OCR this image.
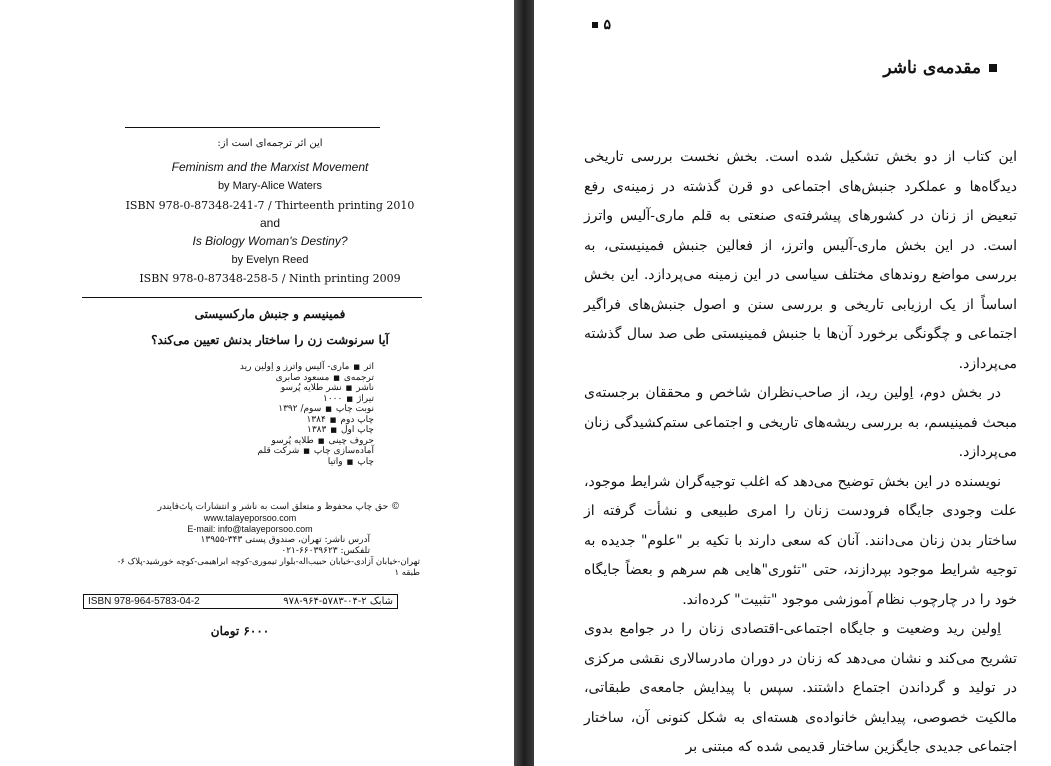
این اثر ترجمه‌ای است از:
Feminism and the Marxist Movement
by Mary-Alice Waters
ISBN 978-0-87348-241-7 / Thirteenth printing 2010
and
Is Biology Woman's Destiny?
by Evelyn Reed
ISBN 978-0-87348-258-5 / Ninth printing 2009
فمینیسم و جنبش مارکسیستی
آیا سرنوشت زن را ساختار بدنش تعیین می‌کند؟
اثر
■
ماری- آلیس واترز و اِولین رید
ترجمه‌ی
■
مسعود صابری
ناشر
■
نشر طلایه پُرسو
تیراژ
■
۱۰۰۰
نوبت چاپ
■
سوم/ ۱۳۹۲
چاپ دوم
■
۱۳۸۴
چاپ اول
■
۱۳۸۳
حروف چینی
■
طلایه پُرسو
آماده‌سازی چاپ
■
شرکت قلم
چاپ
■
واتیا
© حق چاپ محفوظ و متعلق است به ناشر و انتشارات پاث‌فایندر
www.talayeporsoo.com
E-mail: info@talayeporsoo.com
آدرس ناشر: تهران، صندوق پستی ۳۴۳-۱۳۹۵۵
تلفکس: ۶۶۰۳۹۶۲۳-۰۲۱
تهران-خیابان آزادی-خیابان حبیب‌اله-بلوار تیموری-کوچه ابراهیمی-کوچه خورشید-پلاک ۶-طبقه ۱
ISBN 978-964-5783-04-2	شابک ۲-۰۴-۵۷۸۳-۹۶۴-۹۷۸
۶۰۰۰ تومان
۵
مقدمه‌ی ناشر

این کتاب از دو بخش تشکیل شده است. بخش نخست بررسی تاریخی دیدگاه‌ها و عملکرد جنبش‌های اجتماعی دو قرن گذشته در زمینه‌ی رفع تبعیض از زنان در کشورهای پیشرفته‌ی صنعتی به قلم ماری-آلیس واترز است. در این بخش ماری-آلیس واترز، از فعالین جنبش فمینیستی، به بررسی مواضع روندهای مختلف سیاسی در این زمینه می‌پردازد. این بخش اساساً از یک ارزیابی تاریخی و بررسی سنن و اصول جنبش‌های فراگیر اجتماعی و چگونگی برخورد آن‌ها با جنبش فمینیستی طی صد سال گذشته می‌پردازد.

در بخش دوم، اِولین رید، از صاحب‌نظران شاخص و محققان برجسته‌ی مبحث فمینیسم، به بررسی ریشه‌های تاریخی و اجتماعی ستم‌کشیدگی زنان می‌پردازد.

نویسنده در این بخش توضیح می‌دهد که اغلب توجیه‌گران شرایط موجود، علت وجودی جایگاه فرودست زنان را امری طبیعی و نشأت گرفته از ساختار بدن زنان می‌دانند. آنان که سعی دارند با تکیه بر "علوم" جدیده به توجیه شرایط موجود بپردازند، حتی "تئوری"هایی هم سرهم و بعضاً جایگاه خود را در چارچوب نظام آموزشی موجود "تثبیت" کرده‌اند.

اِولین رید وضعیت و جایگاه اجتماعی-اقتصادی زنان را در جوامع بدوی تشریح می‌کند و نشان می‌دهد که زنان در دوران مادرسالاری نقشی مرکزی در تولید و گرداندن اجتماع داشتند. سپس با پیدایش جامعه‌ی طبقاتی، مالکیت خصوصی، پیدایش خانواده‌ی هسته‌ای به شکل کنونی آن، ساختار اجتماعی جدیدی جایگزین ساختار قدیمی شده که مبتنی بر
